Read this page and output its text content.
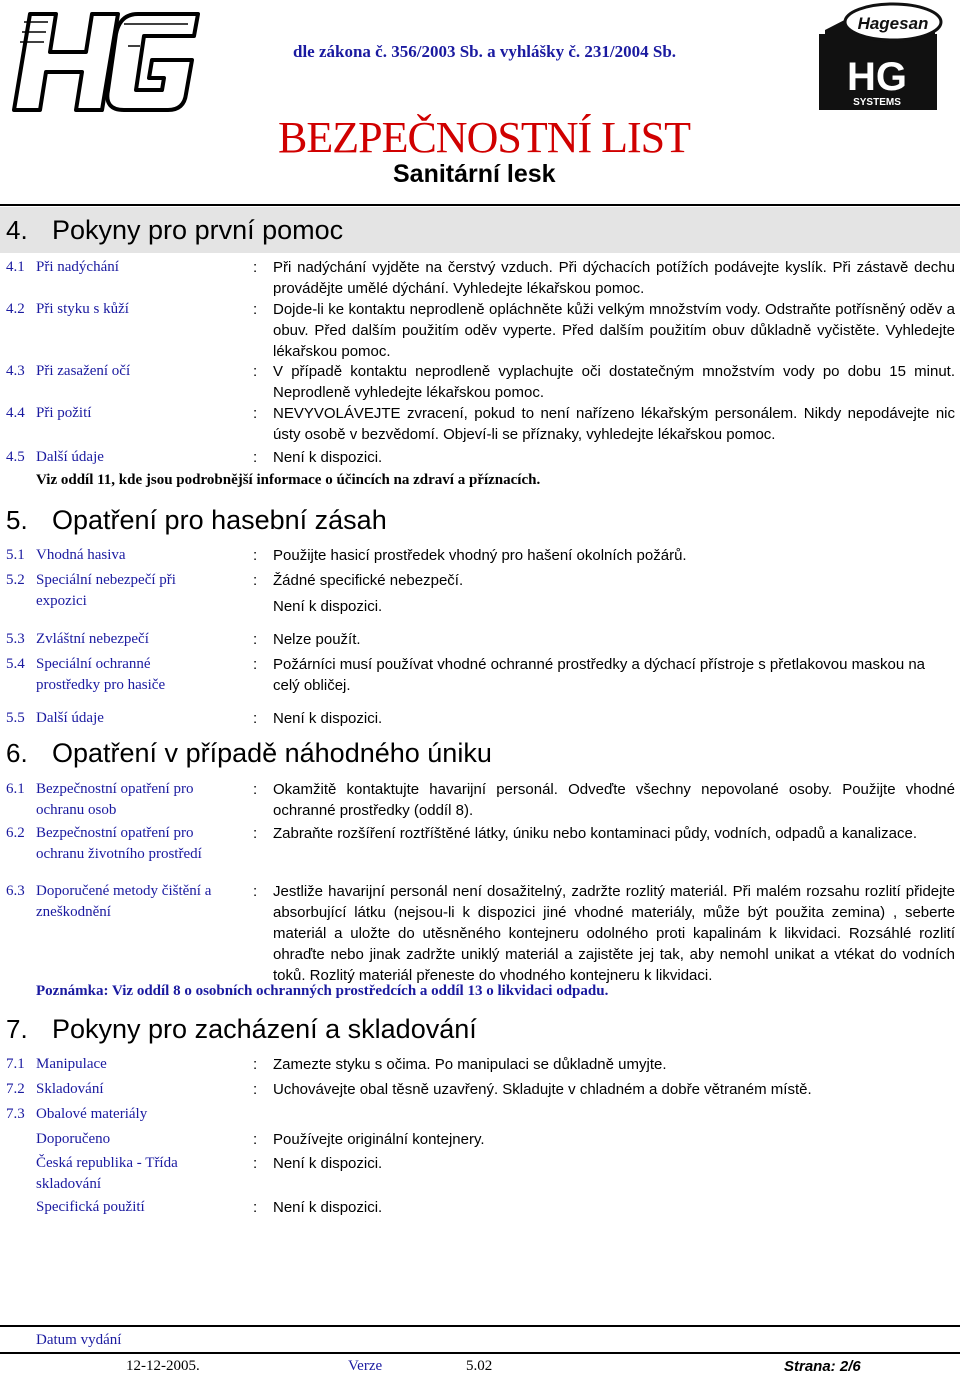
dle zákona č. 356/2003 Sb. a vyhlášky č. 231/2004 Sb.
BEZPEČNOSTNÍ LIST
Sanitární lesk
Hagesan
HG
SYSTEMS
4. Pokyny pro první pomoc
4.1 Při nadýchání	: Při nadýchání vyjděte na čerstvý vzduch. Při dýchacích potížích podávejte kyslík. Při zástavě dechu provádějte umělé dýchání. Vyhledejte lékařskou pomoc.
4.2 Při styku s kůží	: Dojde-li ke kontaktu neprodleně opláchněte kůži velkým množstvím vody. Odstraňte potřísněný oděv a obuv. Před dalším použitím oděv vyperte. Před dalším použitím obuv důkladně vyčistěte. Vyhledejte lékařskou pomoc.
4.3 Při zasažení očí	: V případě kontaktu neprodleně vyplachujte oči dostatečným množstvím vody po dobu 15 minut. Neprodleně vyhledejte lékařskou pomoc.
4.4 Při požití	: NEVYVOLÁVEJTE zvracení, pokud to není nařízeno lékařským personálem. Nikdy nepodávejte nic ústy osobě v bezvědomí. Objeví-li se příznaky, vyhledejte lékařskou pomoc.
4.5 Další údaje	: Není k dispozici.
Viz oddíl 11, kde jsou podrobnější informace o účincích na zdraví a příznacích.
5. Opatření pro hasební zásah
5.1 Vhodná hasiva	: Použijte hasicí prostředek vhodný pro hašení okolních požárů.
5.2 Speciální nebezpečí při expozici
: Žádné specifické nebezpečí.
Není k dispozici.
5.3 Zvláštní nebezpečí	: Nelze použít.
5.4 Speciální ochranné prostředky pro hasiče
: Požárníci musí používat vhodné ochranné prostředky a dýchací přístroje s přetlakovou maskou na celý obličej.
5.5 Další údaje	: Není k dispozici.
6. Opatření v případě náhodného úniku
6.1 Bezpečnostní opatření pro ochranu osob
: Okamžitě kontaktujte havarijní personál. Odveďte všechny nepovolané osoby. Použijte vhodné ochranné prostředky (oddíl 8).
6.2 Bezpečnostní opatření pro ochranu životního prostředí
: Zabraňte rozšíření roztříštěné látky, úniku nebo kontaminaci půdy, vodních, odpadů a kanalizace.
6.3 Doporučené metody čištění a zneškodnění
: Jestliže havarijní personál není dosažitelný, zadržte rozlitý materiál. Při malém rozsahu rozlití přidejte absorbující látku (nejsou-li k dispozici jiné vhodné materiály, může být použita zemina) , seberte materiál a uložte do utěsněného kontejneru odolného proti kapalinám k likvidaci. Rozsáhlé rozlití ohraďte nebo jinak zadržte uniklý materiál a zajistěte jej tak, aby nemohl unikat a vtékat do vodních toků. Rozlitý materiál přeneste do vhodného kontejneru k likvidaci.
Poznámka: Viz oddíl 8 o osobních ochranných prostředcích a oddíl 13 o likvidaci odpadu.
7. Pokyny pro zacházení a skladování
7.1 Manipulace	: Zamezte styku s očima. Po manipulaci se důkladně umyjte.
7.2 Skladování	: Uchovávejte obal těsně uzavřený. Skladujte v chladném a dobře větraném místě.
7.3 Obalové materiály
Doporučeno	: Používejte originální kontejnery.
Česká republika - Třída skladování
: Není k dispozici.
Specifická použití	: Není k dispozici.
Datum vydání
12-12-2005.	Verze	5.02	Strana: 2/6
